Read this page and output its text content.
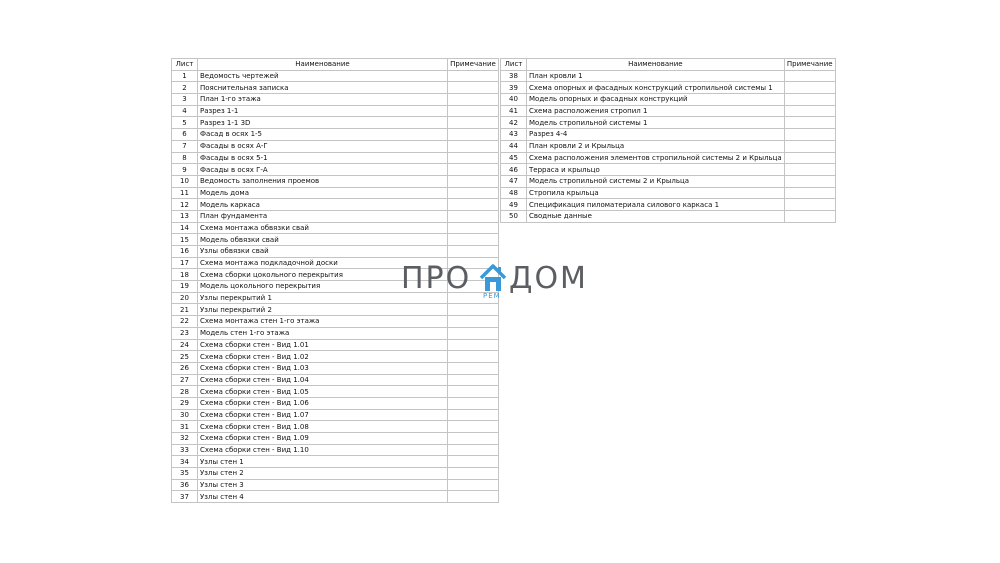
Лист	Наименование	Примечание
1	Ведомость чертежей	
2	Пояснительная записка	
3	План 1-го этажа	
4	Разрез 1-1	
5	Разрез 1-1 3D	
6	Фасад в осях 1-5	
7	Фасады в осях А-Г	
8	Фасады в осях 5-1	
9	Фасады в осях Г-А	
10	Ведомость заполнения проемов	
11	Модель дома	
12	Модель каркаса	
13	План фундамента	
14	Схема монтажа обвязки свай	
15	Модель обвязки свай	
16	Узлы обвязки свай	
17	Схема монтажа подкладочной доски	
18	Схема сборки цокольного перекрытия	
19	Модель цокольного перекрытия	
20	Узлы перекрытий 1	
21	Узлы перекрытий 2	
22	Схема монтажа стен 1-го этажа	
23	Модель стен 1-го этажа	
24	Схема сборки стен - Вид 1.01	
25	Схема сборки стен - Вид 1.02	
26	Схема сборки стен - Вид 1.03	
27	Схема сборки стен - Вид 1.04	
28	Схема сборки стен - Вид 1.05	
29	Схема сборки стен - Вид 1.06	
30	Схема сборки стен - Вид 1.07	
31	Схема сборки стен - Вид 1.08	
32	Схема сборки стен - Вид 1.09	
33	Схема сборки стен - Вид 1.10	
34	Узлы стен 1	
35	Узлы стен 2	
36	Узлы стен 3	
37	Узлы стен 4	
Лист	Наименование	Примечание
38	План кровли 1	
39	Схема опорных и фасадных конструкций стропильной системы 1	
40	Модель опорных и фасадных конструкций	
41	Схема расположения стропил 1	
42	Модель стропильной системы 1	
43	Разрез 4-4	
44	План кровли 2 и Крыльца	
45	Схема расположения элементов стропильной системы 2 и Крыльца	
46	Терраса и крыльцо	
47	Модель стропильной системы 2 и Крыльца	
48	Стропила крыльца	
49	Спецификация пиломатериала силового каркаса 1	
50	Сводные данные	
ПРО РЕМ ДОМ
